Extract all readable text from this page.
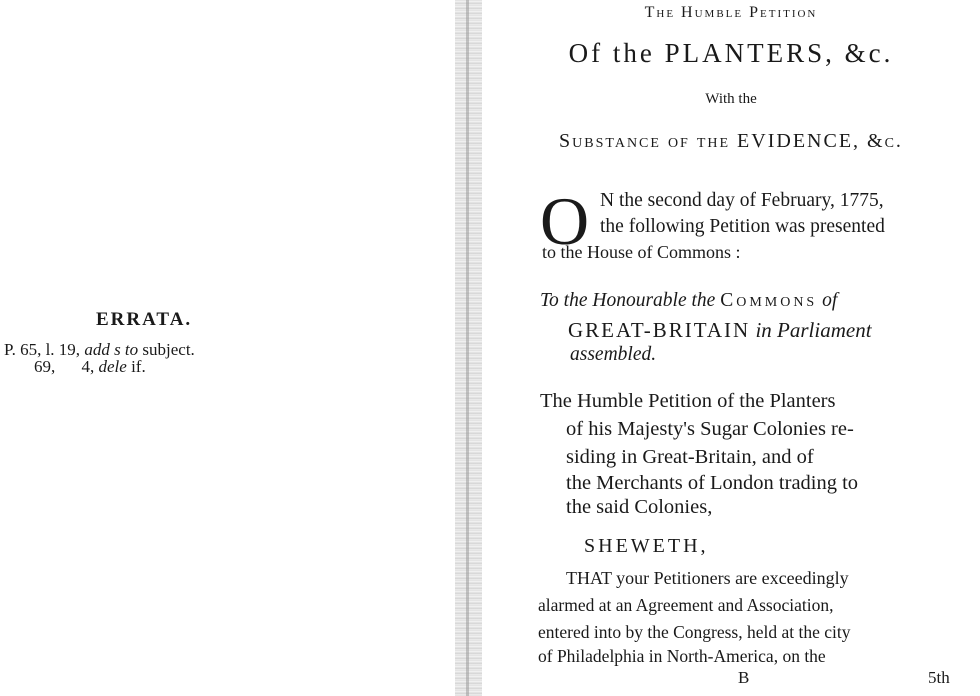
ERRATA.
P. 65, l. 19, add s to subject.
69, 4, dele if.
The Humble Petition
Of the PLANTERS, &c.
With the
Substance of the EVIDENCE, &c.
O N the second day of February, 1775,
the following Petition was presented
to the House of Commons :
To the Honourable the Commons of
GREAT-BRITAIN in Parliament
assembled.
The Humble Petition of the Planters
of his Majesty's Sugar Colonies re-
siding in Great-Britain, and of
the Merchants of London trading to
the said Colonies,
SHEWETH,
THAT your Petitioners are exceedingly
alarmed at an Agreement and Association,
entered into by the Congress, held at the city
of Philadelphia in North-America, on the
B	5th
